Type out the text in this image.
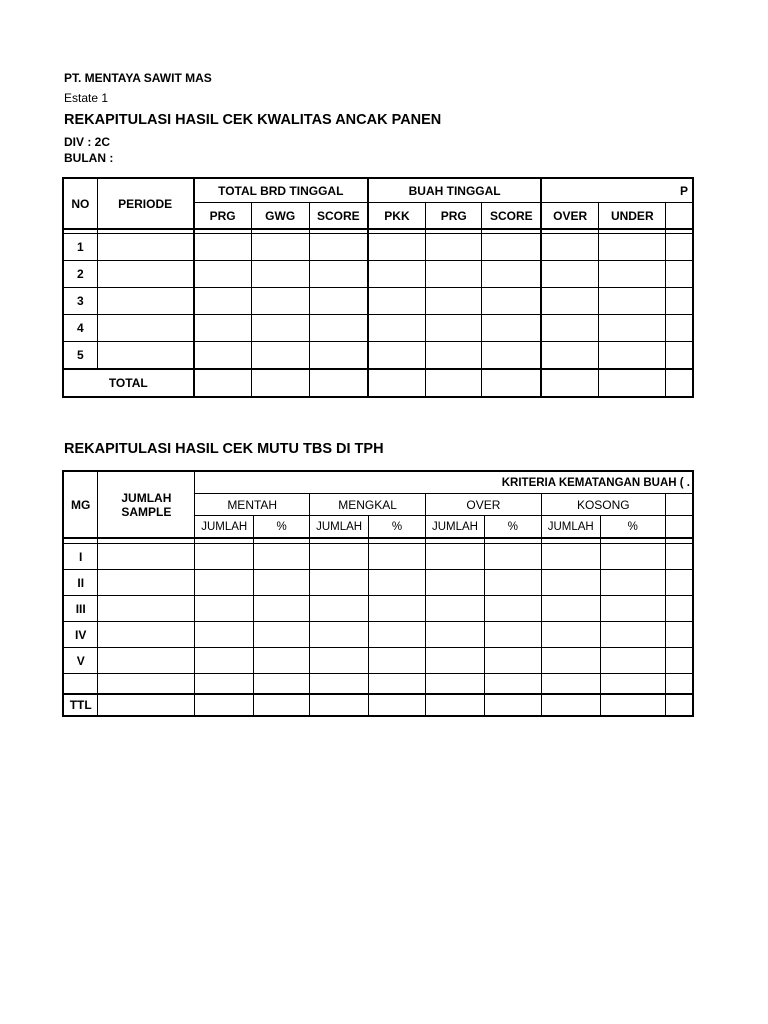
PT. MENTAYA SAWIT MAS
Estate 1
REKAPITULASI HASIL CEK KWALITAS ANCAK PANEN
DIV : 2C
BULAN :
NO	PERIODE	TOTAL BRD TINGGAL			BUAH TINGGAL			P		
		PRG	GWG	SCORE	PKK	PRG	SCORE	OVER	UNDER	

1										
2										
3										
4										
5										
TOTAL										
REKAPITULASI HASIL CEK MUTU TBS DI TPH
MG	JUMLAH SAMPLE	KRITERIA KEMATANGAN BUAH ( .								
		MENTAH		MENGKAL		OVER		KOSONG		
		JUMLAH	%	JUMLAH	%	JUMLAH	%	JUMLAH	%	

I										
II										
III										
IV										
V										

TTL										
